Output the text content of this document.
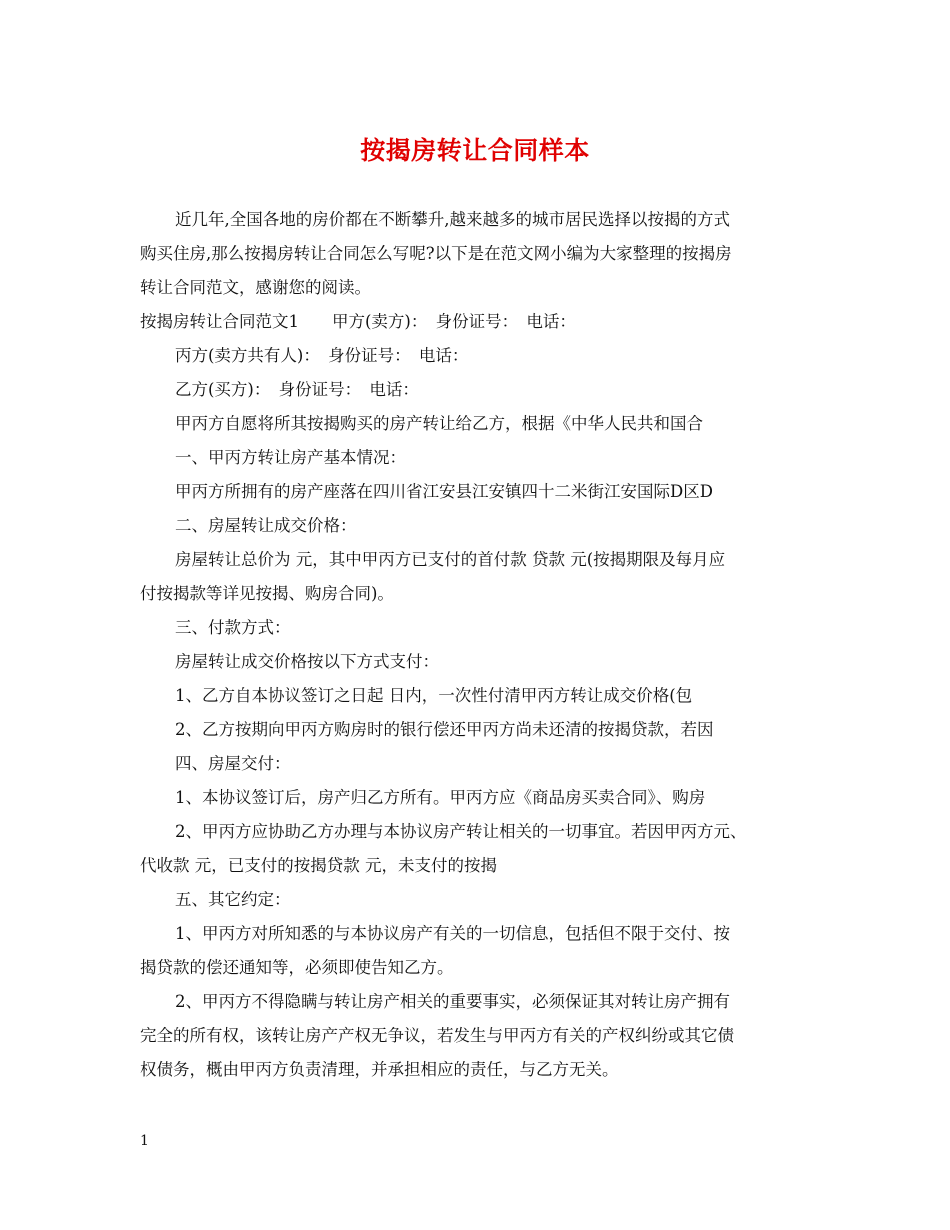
按揭房转让合同样本
近几年,全国各地的房价都在不断攀升,越来越多的城市居民选择以按揭的方式
购买住房,那么按揭房转让合同怎么写呢?以下是在范文网小编为大家整理的按揭房
转让合同范文，感谢您的阅读。
按揭房转让合同范文1　　甲方(卖方)：　身份证号：　电话：
丙方(卖方共有人)：　身份证号：　电话：
乙方(买方)：　身份证号：　电话：
甲丙方自愿将所其按揭购买的房产转让给乙方，根据《中华人民共和国合
一、甲丙方转让房产基本情况：
甲丙方所拥有的房产座落在四川省江安县江安镇四十二米街江安国际D区D
二、房屋转让成交价格：
房屋转让总价为 元，其中甲丙方已支付的首付款 贷款 元(按揭期限及每月应
付按揭款等详见按揭、购房合同)。
三、付款方式：
房屋转让成交价格按以下方式支付：
1、乙方自本协议签订之日起 日内，一次性付清甲丙方转让成交价格(包
2、乙方按期向甲丙方购房时的银行偿还甲丙方尚未还清的按揭贷款，若因
四、房屋交付：
1、本协议签订后，房产归乙方所有。甲丙方应《商品房买卖合同》、购房
2、甲丙方应协助乙方办理与本协议房产转让相关的一切事宜。若因甲丙方元、
代收款 元，已支付的按揭贷款 元，未支付的按揭
五、其它约定：
1、甲丙方对所知悉的与本协议房产有关的一切信息，包括但不限于交付、按
揭贷款的偿还通知等，必须即使告知乙方。
2、甲丙方不得隐瞒与转让房产相关的重要事实，必须保证其对转让房产拥有
完全的所有权，该转让房产产权无争议，若发生与甲丙方有关的产权纠纷或其它债
权债务，概由甲丙方负责清理，并承担相应的责任，与乙方无关。
1
